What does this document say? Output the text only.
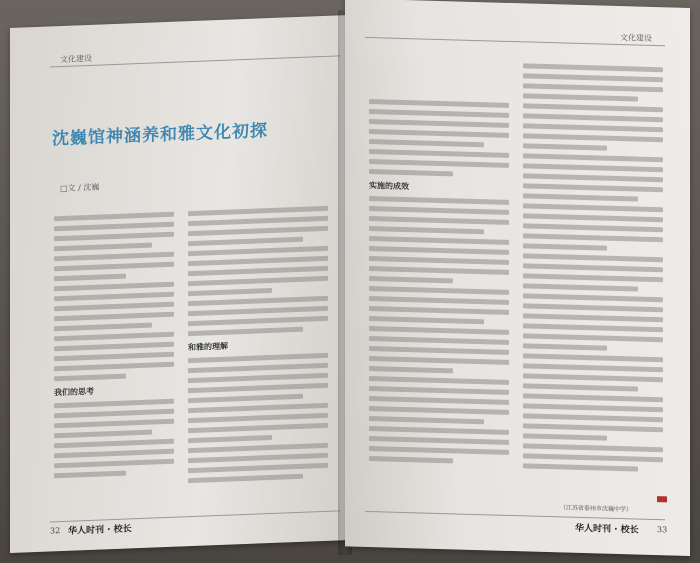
文化建设
沈巍馆神涵养和雅文化初探
□文 / 沈巍
我们的思考
和雅的理解
32 华人时刊 · 校长
文化建设
实施的成效
（江苏省泰州市沈巍中学）
华人时刊 · 校长 33
